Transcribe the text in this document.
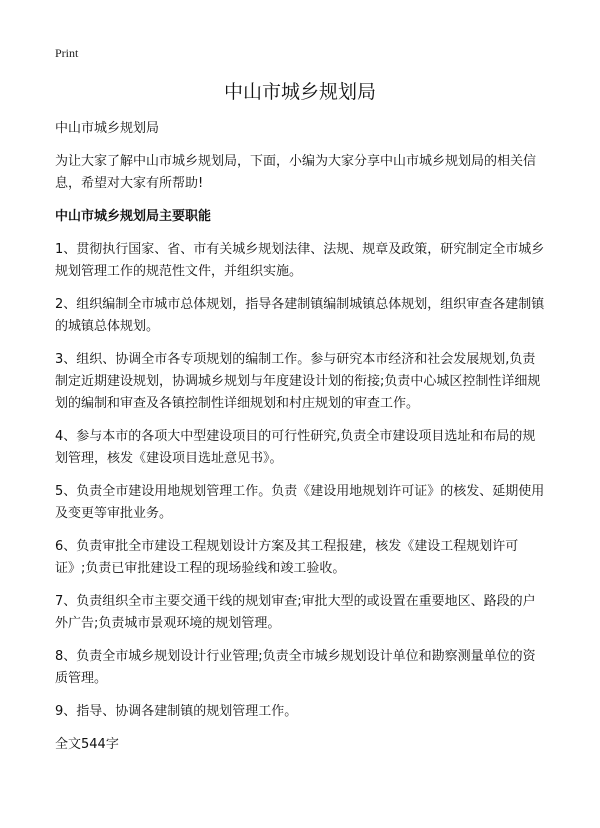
Print
中山市城乡规划局

中山市城乡规划局

为让大家了解中山市城乡规划局，下面，小编为大家分享中山市城乡规划局的相关信息，希望对大家有所帮助!

中山市城乡规划局主要职能

1、贯彻执行国家、省、市有关城乡规划法律、法规、规章及政策，研究制定全市城乡规划管理工作的规范性文件，并组织实施。

2、组织编制全市城市总体规划，指导各建制镇编制城镇总体规划，组织审查各建制镇的城镇总体规划。

3、组织、协调全市各专项规划的编制工作。参与研究本市经济和社会发展规划,负责制定近期建设规划，协调城乡规划与年度建设计划的衔接;负责中心城区控制性详细规划的编制和审查及各镇控制性详细规划和村庄规划的审查工作。

4、参与本市的各项大中型建设项目的可行性研究,负责全市建设项目选址和布局的规划管理，核发《建设项目选址意见书》。

5、负责全市建设用地规划管理工作。负责《建设用地规划许可证》的核发、延期使用及变更等审批业务。

6、负责审批全市建设工程规划设计方案及其工程报建，核发《建设工程规划许可证》;负责已审批建设工程的现场验线和竣工验收。

7、负责组织全市主要交通干线的规划审查;审批大型的或设置在重要地区、路段的户外广告;负责城市景观环境的规划管理。

8、负责全市城乡规划设计行业管理;负责全市城乡规划设计单位和勘察测量单位的资质管理。

9、指导、协调各建制镇的规划管理工作。

全文544字
